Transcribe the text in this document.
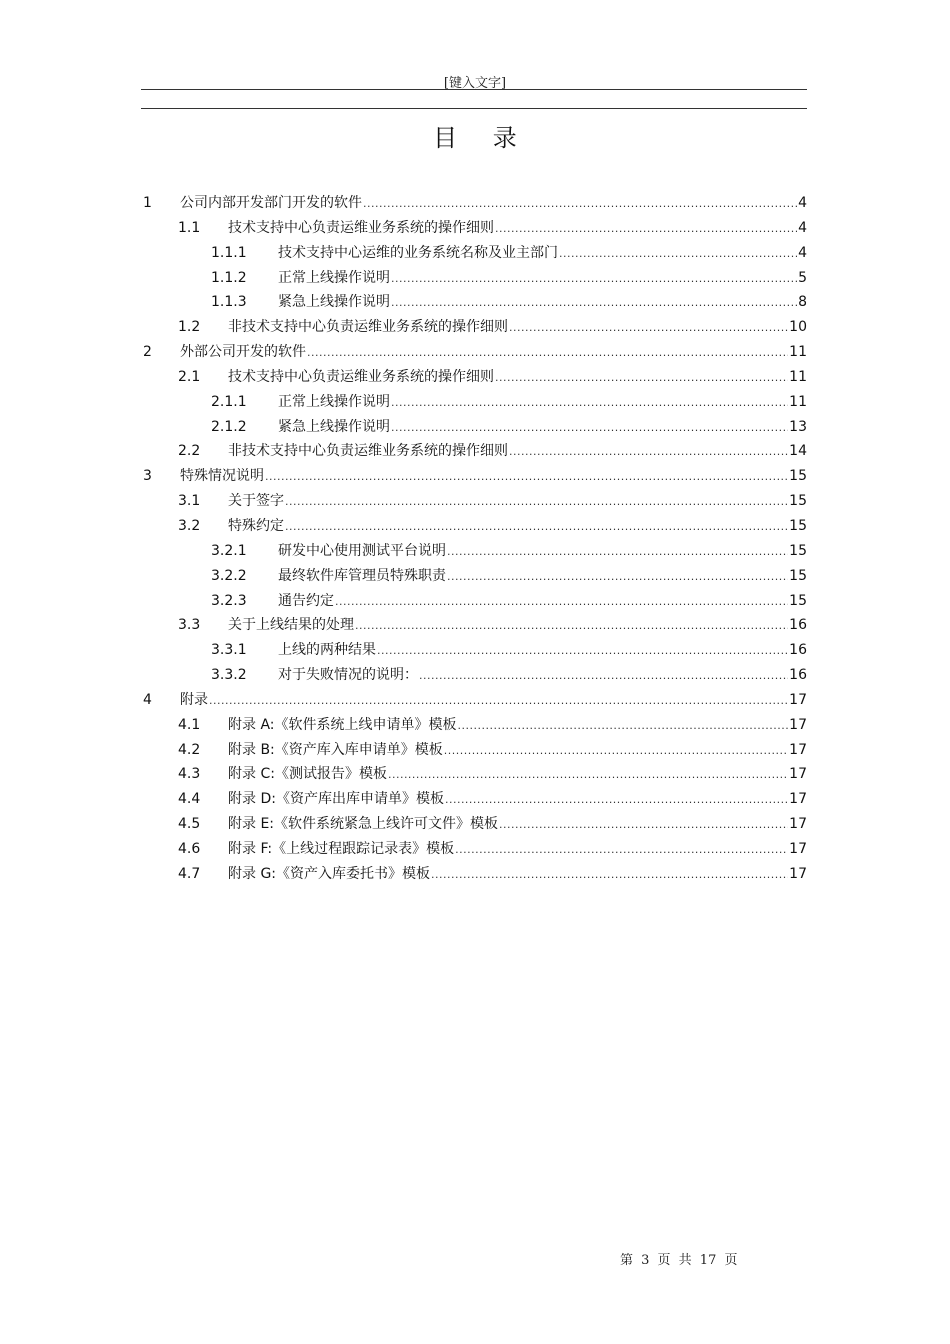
[键入文字]
目 录
1	公司内部开发部门开发的软件 .....	4
1.1	技术支持中心负责运维业务系统的操作细则 .....	4
1.1.1	技术支持中心运维的业务系统名称及业主部门 .....	4
1.1.2	正常上线操作说明 .....	5
1.1.3	紧急上线操作说明 .....	8
1.2	非技术支持中心负责运维业务系统的操作细则 .....	10
2	外部公司开发的软件 .....	11
2.1	技术支持中心负责运维业务系统的操作细则 .....	11
2.1.1	正常上线操作说明 .....	11
2.1.2	紧急上线操作说明 .....	13
2.2	非技术支持中心负责运维业务系统的操作细则 .....	14
3	特殊情况说明 .....	15
3.1	关于签字 .....	15
3.2	特殊约定 .....	15
3.2.1	研发中心使用测试平台说明 .....	15
3.2.2	最终软件库管理员特殊职责 .....	15
3.2.3	通告约定 .....	15
3.3	关于上线结果的处理 .....	16
3.3.1	上线的两种结果 .....	16
3.3.2	对于失败情况的说明： .....	16
4	附录 .....	17
4.1	附录 A:《软件系统上线申请单》模板 .....	17
4.2	附录 B:《资产库入库申请单》模板 .....	17
4.3	附录 C:《测试报告》模板 .....	17
4.4	附录 D:《资产库出库申请单》模板 .....	17
4.5	附录 E:《软件系统紧急上线许可文件》模板 .....	17
4.6	附录 F:《上线过程跟踪记录表》模板 .....	17
4.7	附录 G:《资产入库委托书》模板 .....	17
第 3 页 共 17 页
